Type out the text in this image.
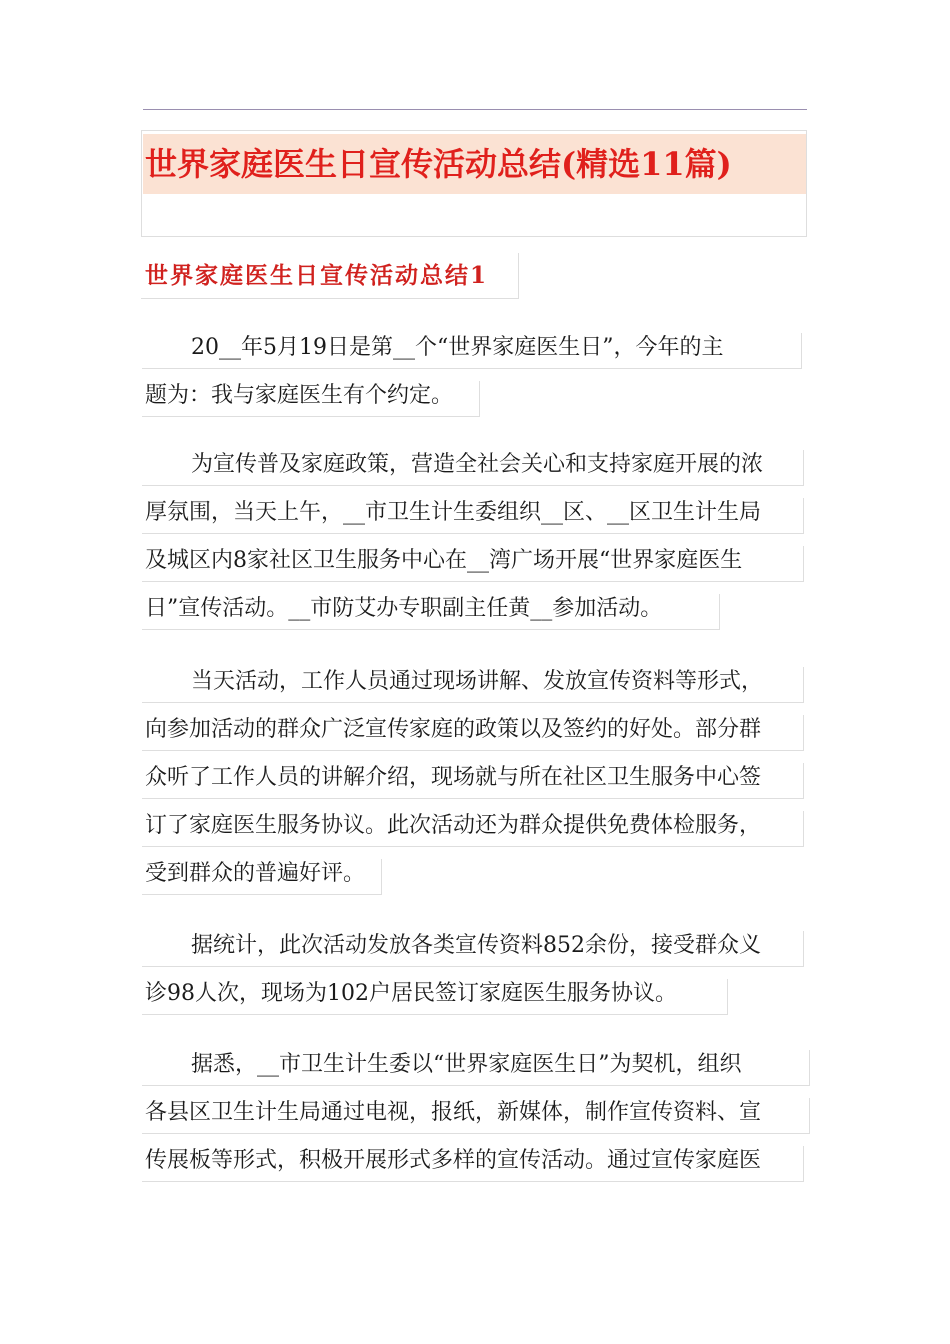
世界家庭医生日宣传活动总结(精选11篇)
世界家庭医生日宣传活动总结1
20__年5月19日是第__个“世界家庭医生日”，今年的主
题为：我与家庭医生有个约定。
为宣传普及家庭政策，营造全社会关心和支持家庭开展的浓
厚氛围，当天上午，__市卫生计生委组织__区、__区卫生计生局
及城区内8家社区卫生服务中心在__湾广场开展“世界家庭医生
日”宣传活动。__市防艾办专职副主任黄__参加活动。
当天活动，工作人员通过现场讲解、发放宣传资料等形式，
向参加活动的群众广泛宣传家庭的政策以及签约的好处。部分群
众听了工作人员的讲解介绍，现场就与所在社区卫生服务中心签
订了家庭医生服务协议。此次活动还为群众提供免费体检服务，
受到群众的普遍好评。
据统计，此次活动发放各类宣传资料852余份，接受群众义
诊98人次，现场为102户居民签订家庭医生服务协议。
据悉，__市卫生计生委以“世界家庭医生日”为契机，组织
各县区卫生计生局通过电视，报纸，新媒体，制作宣传资料、宣
传展板等形式，积极开展形式多样的宣传活动。通过宣传家庭医
